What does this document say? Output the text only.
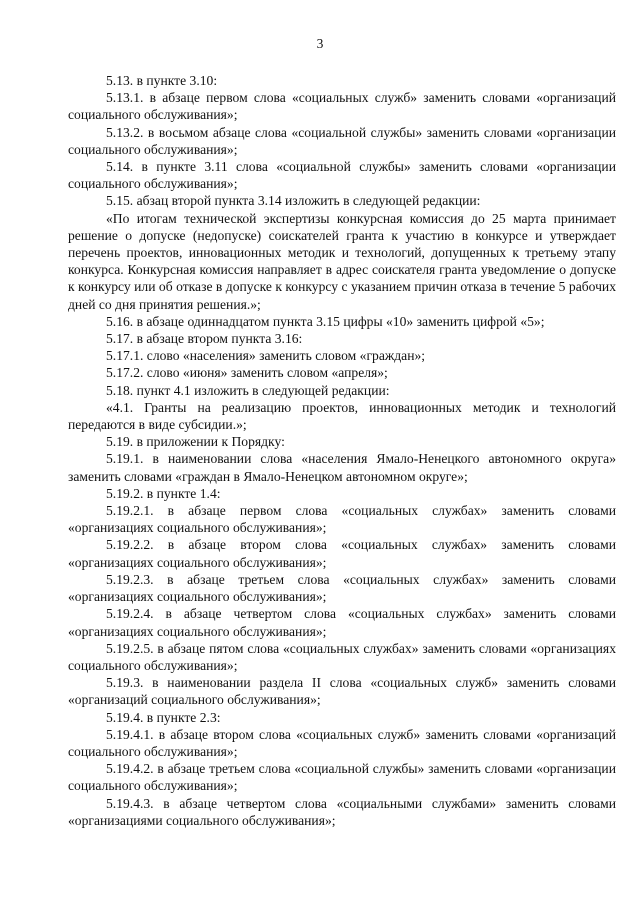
3

5.13. в пункте 3.10:

5.13.1. в абзаце первом слова «социальных служб» заменить словами «организаций социального обслуживания»;

5.13.2. в восьмом абзаце слова «социальной службы» заменить словами «организации социального обслуживания»;

5.14. в пункте 3.11 слова «социальной службы» заменить словами «организации социального обслуживания»;

5.15. абзац второй пункта 3.14 изложить в следующей редакции:

«По итогам технической экспертизы конкурсная комиссия до 25 марта принимает решение о допуске (недопуске) соискателей гранта к участию в конкурсе и утверждает перечень проектов, инновационных методик и технологий, допущенных к третьему этапу конкурса. Конкурсная комиссия направляет в адрес соискателя гранта уведомление о допуске к конкурсу или об отказе в допуске к конкурсу с указанием причин отказа в течение 5 рабочих дней со дня принятия решения.»;

5.16. в абзаце одиннадцатом пункта 3.15 цифры «10» заменить цифрой «5»;

5.17. в абзаце втором пункта 3.16:

5.17.1. слово «населения» заменить словом «граждан»;

5.17.2. слово «июня» заменить словом «апреля»;

5.18. пункт 4.1 изложить в следующей редакции:

«4.1. Гранты на реализацию проектов, инновационных методик и технологий передаются в виде субсидии.»;

5.19. в приложении к Порядку:

5.19.1. в наименовании слова «населения Ямало-Ненецкого автономного округа» заменить словами «граждан в Ямало-Ненецком автономном округе»;

5.19.2. в пункте 1.4:

5.19.2.1. в абзаце первом слова «социальных службах» заменить словами «организациях социального обслуживания»;

5.19.2.2. в абзаце втором слова «социальных службах» заменить словами «организациях социального обслуживания»;

5.19.2.3. в абзаце третьем слова «социальных службах» заменить словами «организациях социального обслуживания»;

5.19.2.4. в абзаце четвертом слова «социальных службах» заменить словами «организациях социального обслуживания»;

5.19.2.5. в абзаце пятом слова «социальных службах» заменить словами «организациях социального обслуживания»;

5.19.3. в наименовании раздела II слова «социальных служб» заменить словами «организаций социального обслуживания»;

5.19.4. в пункте 2.3:

5.19.4.1. в абзаце втором слова «социальных служб» заменить словами «организаций социального обслуживания»;

5.19.4.2. в абзаце третьем слова «социальной службы» заменить словами «организации социального обслуживания»;

5.19.4.3. в абзаце четвертом слова «социальными службами» заменить словами «организациями социального обслуживания»;
